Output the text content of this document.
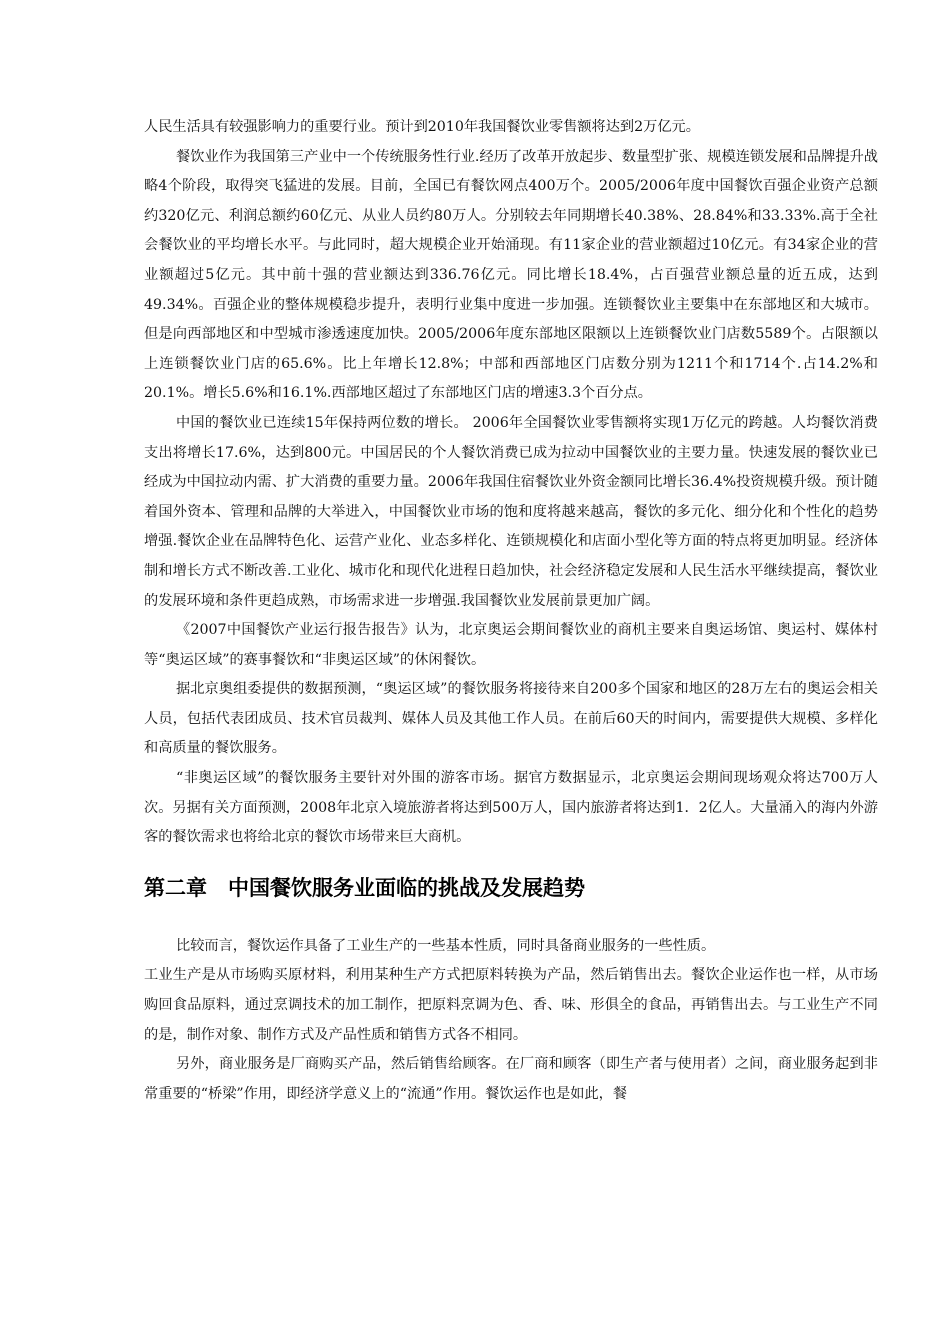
人民生活具有较强影响力的重要行业。预计到2010年我国餐饮业零售额将达到2万亿元。

餐饮业作为我国第三产业中一个传统服务性行业.经历了改革开放起步、数量型扩张、规模连锁发展和品牌提升战略4个阶段，取得突飞猛进的发展。目前，全国已有餐饮网点400万个。2005/2006年度中国餐饮百强企业资产总额约320亿元、利润总额约60亿元、从业人员约80万人。分别较去年同期增长40.38%、28.84%和33.33%.高于全社会餐饮业的平均增长水平。与此同时，超大规模企业开始涌现。有11家企业的营业额超过10亿元。有34家企业的营业额超过5亿元。其中前十强的营业额达到336.76亿元。同比增长18.4%，占百强营业额总量的近五成，达到49.34%。百强企业的整体规模稳步提升，表明行业集中度进一步加强。连锁餐饮业主要集中在东部地区和大城市。但是向西部地区和中型城市渗透速度加快。2005/2006年度东部地区限额以上连锁餐饮业门店数5589个。占限额以上连锁餐饮业门店的65.6%。比上年增长12.8%；中部和西部地区门店数分别为1211个和1714个.占14.2%和20.1%。增长5.6%和16.1%.西部地区超过了东部地区门店的增速3.3个百分点。

中国的餐饮业已连续15年保持两位数的增长。 2006年全国餐饮业零售额将实现1万亿元的跨越。人均餐饮消费支出将增长17.6%，达到800元。中国居民的个人餐饮消费已成为拉动中国餐饮业的主要力量。快速发展的餐饮业已经成为中国拉动内需、扩大消费的重要力量。2006年我国住宿餐饮业外资金额同比增长36.4%投资规模升级。预计随着国外资本、管理和品牌的大举进入，中国餐饮业市场的饱和度将越来越高，餐饮的多元化、细分化和个性化的趋势增强.餐饮企业在品牌特色化、运营产业化、业态多样化、连锁规模化和店面小型化等方面的特点将更加明显。经济体制和增长方式不断改善.工业化、城市化和现代化进程日趋加快，社会经济稳定发展和人民生活水平继续提高，餐饮业的发展环境和条件更趋成熟，市场需求进一步增强.我国餐饮业发展前景更加广阔。

《2007中国餐饮产业运行报告报告》认为，北京奥运会期间餐饮业的商机主要来自奥运场馆、奥运村、媒体村等“奥运区域”的赛事餐饮和“非奥运区域”的休闲餐饮。

据北京奥组委提供的数据预测，“奥运区域”的餐饮服务将接待来自200多个国家和地区的28万左右的奥运会相关人员，包括代表团成员、技术官员裁判、媒体人员及其他工作人员。在前后60天的时间内，需要提供大规模、多样化和高质量的餐饮服务。

“非奥运区域”的餐饮服务主要针对外围的游客市场。据官方数据显示，北京奥运会期间现场观众将达700万人次。另据有关方面预测，2008年北京入境旅游者将达到500万人，国内旅游者将达到1．2亿人。大量涌入的海内外游客的餐饮需求也将给北京的餐饮市场带来巨大商机。

第二章　中国餐饮服务业面临的挑战及发展趋势

比较而言，餐饮运作具备了工业生产的一些基本性质，同时具备商业服务的一些性质。

工业生产是从市场购买原材料，利用某种生产方式把原料转换为产品，然后销售出去。餐饮企业运作也一样，从市场购回食品原料，通过烹调技术的加工制作，把原料烹调为色、香、味、形俱全的食品，再销售出去。与工业生产不同的是，制作对象、制作方式及产品性质和销售方式各不相同。

另外，商业服务是厂商购买产品，然后销售给顾客。在厂商和顾客（即生产者与使用者）之间，商业服务起到非常重要的“桥梁”作用，即经济学意义上的“流通”作用。餐饮运作也是如此，餐
